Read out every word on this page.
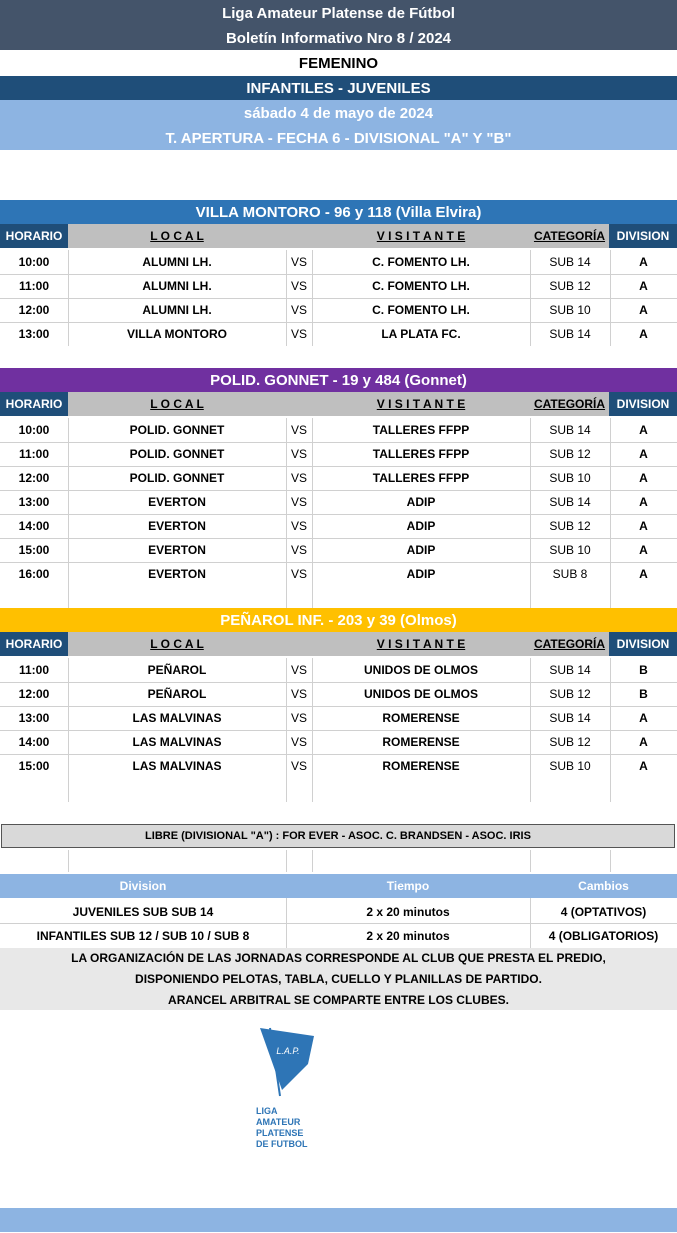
Liga Amateur Platense de Fútbol
Boletín Informativo Nro 8 / 2024
FEMENINO
INFANTILES - JUVENILES
sábado 4 de mayo de 2024
T. APERTURA - FECHA 6 - DIVISIONAL "A" Y "B"
VILLA MONTORO - 96 y 118 (Villa Elvira)
HORARIO	L O C A L	V I S I T A N T E	CATEGORÍA DIVISION
10:00	ALUMNI LH.	VS	C. FOMENTO LH.	SUB 14	A
11:00	ALUMNI LH.	VS	C. FOMENTO LH.	SUB 12	A
12:00	ALUMNI LH.	VS	C. FOMENTO LH.	SUB 10	A
13:00	VILLA MONTORO	VS	LA PLATA FC.	SUB 14	A
POLID. GONNET - 19 y 484 (Gonnet)
HORARIO	L O C A L	V I S I T A N T E	CATEGORÍA DIVISION
10:00	POLID. GONNET	VS	TALLERES FFPP	SUB 14	A
11:00	POLID. GONNET	VS	TALLERES FFPP	SUB 12	A
12:00	POLID. GONNET	VS	TALLERES FFPP	SUB 10	A
13:00	EVERTON	VS	ADIP	SUB 14	A
14:00	EVERTON	VS	ADIP	SUB 12	A
15:00	EVERTON	VS	ADIP	SUB 10	A
16:00	EVERTON	VS	ADIP	SUB 8	A
PEÑAROL INF. - 203 y 39 (Olmos)
HORARIO	L O C A L	V I S I T A N T E	CATEGORÍA DIVISION
11:00	PEÑAROL	VS	UNIDOS DE OLMOS	SUB 14	B
12:00	PEÑAROL	VS	UNIDOS DE OLMOS	SUB 12	B
13:00	LAS MALVINAS	VS	ROMERENSE	SUB 14	A
14:00	LAS MALVINAS	VS	ROMERENSE	SUB 12	A
15:00	LAS MALVINAS	VS	ROMERENSE	SUB 10	A
LIBRE (DIVISIONAL "A") : FOR EVER - ASOC. C. BRANDSEN - ASOC. IRIS
Division	Tiempo	Cambios
JUVENILES SUB SUB 14	2 x 20 minutos	4 (OPTATIVOS)
INFANTILES SUB 12 / SUB 10 / SUB 8	2 x 20 minutos	4 (OBLIGATORIOS)
LA ORGANIZACIÓN DE LAS JORNADAS CORRESPONDE AL CLUB QUE PRESTA EL PREDIO,
DISPONIENDO PELOTAS, TABLA, CUELLO Y PLANILLAS DE PARTIDO.
ARANCEL ARBITRAL SE COMPARTE ENTRE LOS CLUBES.
L.A.P.
LIGA
AMATEUR
PLATENSE
DE FUTBOL
